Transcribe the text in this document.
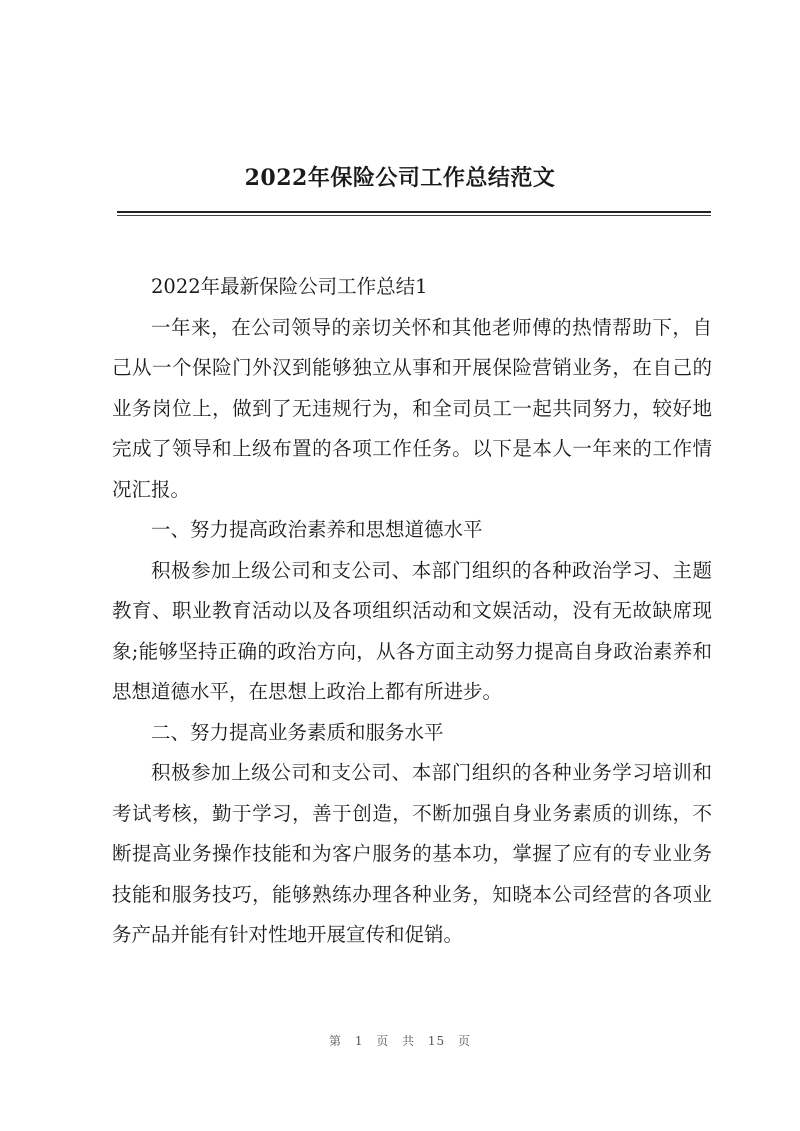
2022年保险公司工作总结范文

2022年最新保险公司工作总结1

一年来，在公司领导的亲切关怀和其他老师傅的热情帮助下，自己从一个保险门外汉到能够独立从事和开展保险营销业务，在自己的业务岗位上，做到了无违规行为，和全司员工一起共同努力，较好地完成了领导和上级布置的各项工作任务。以下是本人一年来的工作情况汇报。

一、努力提高政治素养和思想道德水平

积极参加上级公司和支公司、本部门组织的各种政治学习、主题教育、职业教育活动以及各项组织活动和文娱活动，没有无故缺席现象;能够坚持正确的政治方向，从各方面主动努力提高自身政治素养和思想道德水平，在思想上政治上都有所进步。

二、努力提高业务素质和服务水平

积极参加上级公司和支公司、本部门组织的各种业务学习培训和考试考核，勤于学习，善于创造，不断加强自身业务素质的训练，不断提高业务操作技能和为客户服务的基本功，掌握了应有的专业业务技能和服务技巧，能够熟练办理各种业务，知晓本公司经营的各项业务产品并能有针对性地开展宣传和促销。

第 1 页 共 15 页
